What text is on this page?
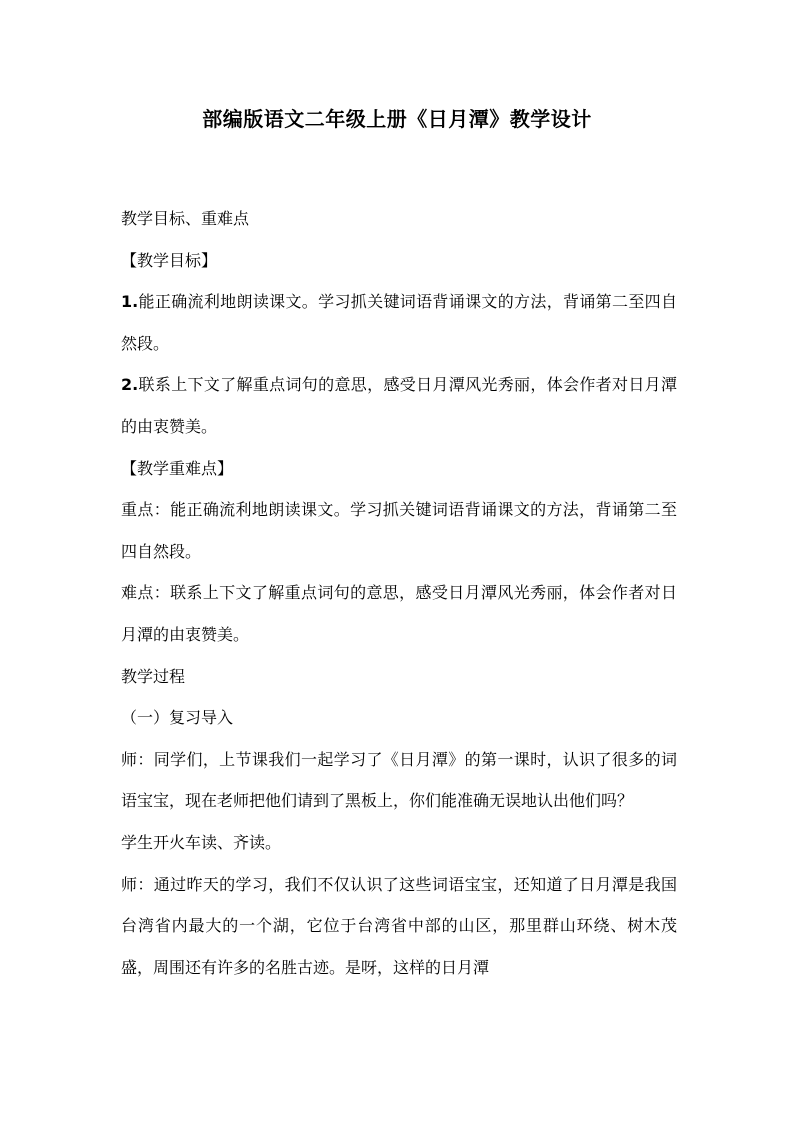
部编版语文二年级上册《日月潭》教学设计

教学目标、重难点

【教学目标】

1.能正确流利地朗读课文。学习抓关键词语背诵课文的方法，背诵第二至四自然段。

2.联系上下文了解重点词句的意思，感受日月潭风光秀丽，体会作者对日月潭的由衷赞美。

【教学重难点】

重点：能正确流利地朗读课文。学习抓关键词语背诵课文的方法，背诵第二至四自然段。

难点：联系上下文了解重点词句的意思，感受日月潭风光秀丽，体会作者对日月潭的由衷赞美。

教学过程

（一）复习导入

师：同学们，上节课我们一起学习了《日月潭》的第一课时，认识了很多的词语宝宝，现在老师把他们请到了黑板上，你们能准确无误地认出他们吗？

学生开火车读、齐读。

师：通过昨天的学习，我们不仅认识了这些词语宝宝，还知道了日月潭是我国台湾省内最大的一个湖，它位于台湾省中部的山区，那里群山环绕、树木茂盛，周围还有许多的名胜古迹。是呀，这样的日月潭
